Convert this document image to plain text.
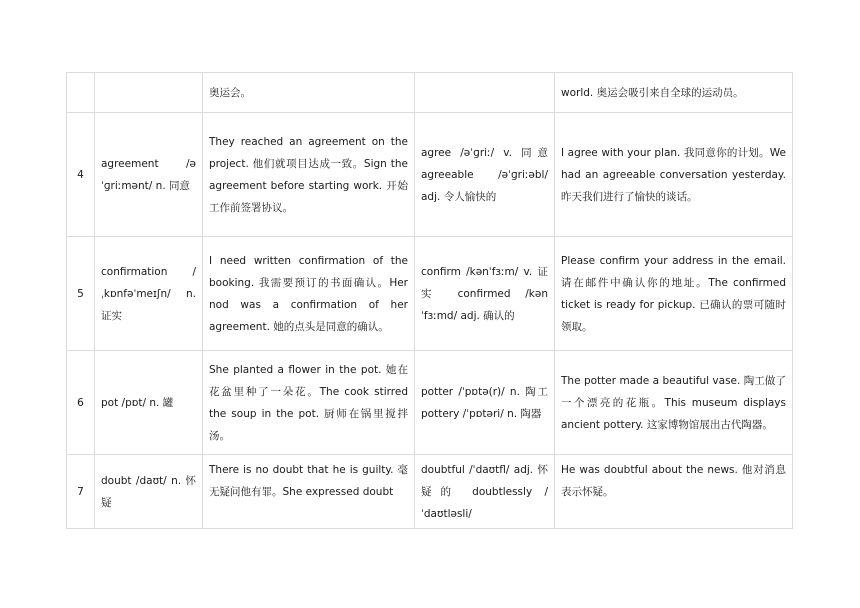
		奥运会。		world. 奥运会吸引来自全球的运动员。
4	agreement /əˈɡriːmənt/ n. 同意	They reached an agreement on the project. 他们就项目达成一致。Sign the agreement before starting work. 开始工作前签署协议。	agree /əˈɡriː/ v. 同意 agreeable /əˈɡriːəbl/ adj. 令人愉快的	I agree with your plan. 我同意你的计划。We had an agreeable conversation yesterday. 昨天我们进行了愉快的谈话。
5	confirmation /ˌkɒnfəˈmeɪʃn/ n. 证实	I need written confirmation of the booking. 我需要预订的书面确认。Her nod was a confirmation of her agreement. 她的点头是同意的确认。	confirm /kənˈfɜːm/ v. 证实 confirmed /kənˈfɜːmd/ adj. 确认的	Please confirm your address in the email. 请在邮件中确认你的地址。The confirmed ticket is ready for pickup. 已确认的票可随时领取。
6	pot /pɒt/ n. 罐	She planted a flower in the pot. 她在花盆里种了一朵花。The cook stirred the soup in the pot. 厨师在锅里搅拌汤。	potter /ˈpɒtə(r)/ n. 陶工 pottery /ˈpɒtəri/ n. 陶器	The potter made a beautiful vase. 陶工做了一个漂亮的花瓶。This museum displays ancient pottery. 这家博物馆展出古代陶器。
7	doubt /daʊt/ n. 怀疑	There is no doubt that he is guilty. 毫无疑问他有罪。She expressed doubt	doubtful /ˈdaʊtfl/ adj. 怀疑的 doubtlessly /ˈdaʊtləsli/	He was doubtful about the news. 他对消息表示怀疑。
